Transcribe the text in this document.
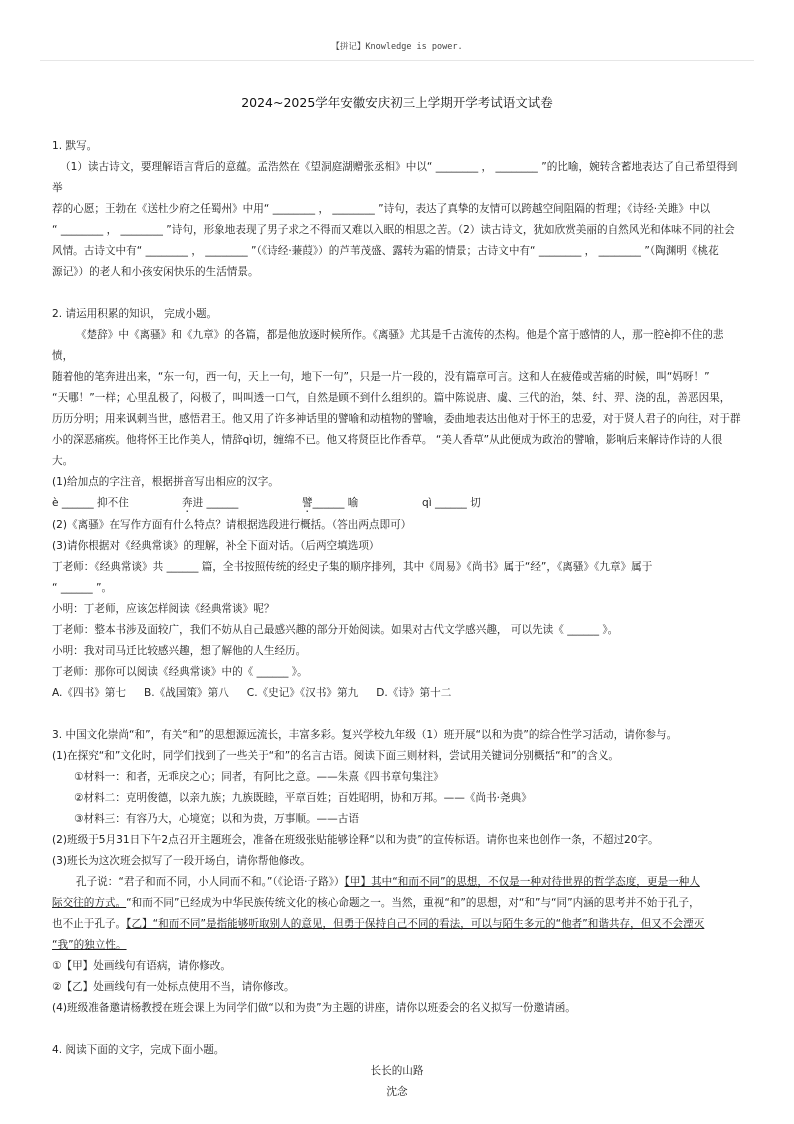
【拼记】Knowledge is power.
2024~2025学年安徽安庆初三上学期开学考试语文试卷

1. 默写。

（1）读古诗文，要理解语言背后的意蕴。孟浩然在《望洞庭湖赠张丞相》中以“ ________ ， ________ ”的比喻，婉转含蓄地表达了自己希望得到举

荐的心愿；王勃在《送杜少府之任蜀州》中用“ ________ ， ________ ”诗句，表达了真挚的友情可以跨越空间阻隔的哲理；《诗经·关雎》中以

“ ________ ， ________ ”诗句，形象地表现了男子求之不得而又难以入眠的相思之苦。（2）读古诗文，犹如欣赏美丽的自然风光和体味不同的社会

风情。古诗文中有“ ________ ， ________ ”（《诗经·蒹葭》）的芦苇茂盛、露转为霜的情景；古诗文中有“ ________ ， ________ ”（陶渊明《桃花

源记》）的老人和小孩安闲快乐的生活情景。

2. 请运用积累的知识， 完成小题。

《楚辞》中《离骚》和《九章》的各篇，都是他放逐时候所作。《离骚》尤其是千古流传的杰构。他是个富于感情的人，那一腔è抑不住的悲愤，

随着他的笔奔进出来，“东一句，西一句，天上一句，地下一句”，只是一片一段的，没有篇章可言。这和人在疲倦或苦痛的时候，叫“妈呀！”

“天哪！”一样；心里乱极了，闷极了，叫叫透一口气，自然是顾不到什么组织的。篇中陈说唐、虞、三代的治，桀、纣、羿、浇的乱，善恶因果，

历历分明；用来讽刺当世，感悟君王。他又用了许多神话里的譬喻和动植物的譬喻，委曲地表达出他对于怀王的忠爱，对于贤人君子的向往，对于群

小的深恶痛疾。他将怀王比作美人，情辞qì切，缠绵不已。他又将贤臣比作香草。 “美人香草”从此便成为政治的譬喻，影响后来解诗作诗的人很大。

(1)给加点的字注音，根据拼音写出相应的汉字。

è ______ 抑不住	奔进 ______	譬______ 喻	qì ______ 切

(2)《离骚》在写作方面有什么特点？请根据选段进行概括。（答出两点即可）

(3)请你根据对《经典常谈》的理解，补全下面对话。（后两空填选项）

丁老师：《经典常谈》共 ______ 篇，全书按照传统的经史子集的顺序排列，其中《周易》《尚书》属于“经”，《离骚》《九章》属于

“ ______ ”。

小明：丁老师，应该怎样阅读《经典常谈》呢？

丁老师：整本书涉及面较广，我们不妨从自己最感兴趣的部分开始阅读。如果对古代文学感兴趣， 可以先读《 ______ 》。

小明：我对司马迁比较感兴趣，想了解他的人生经历。

丁老师：那你可以阅读《经典常谈》中的《 ______ 》。

A.《四书》第七 B.《战国策》第八 C.《史记》《汉书》第九 D.《诗》第十二

3. 中国文化崇尚“和”，有关“和”的思想源远流长，丰富多彩。复兴学校九年级（1）班开展“以和为贵”的综合性学习活动，请你参与。

(1)在探究“和”文化时，同学们找到了一些关于“和”的名言古语。阅读下面三则材料，尝试用关键词分别概括“和”的含义。

①材料一：和者，无乖戾之心；同者，有阿比之意。——朱熹《四书章句集注》

②材料二：克明俊德，以亲九族；九族既睦，平章百姓；百姓昭明，协和万邦。——《尚书·尧典》

③材料三：有容乃大，心境宽；以和为贵，万事顺。——古语

(2)班级于5月31日下午2点召开主题班会，准备在班级张贴能够诠释“以和为贵”的宣传标语。请你也来也创作一条，不超过20字。

(3)班长为这次班会拟写了一段开场白，请你帮他修改。

孔子说：“君子和而不同，小人同而不和。”（《论语·子路》）【甲】其中“和而不同”的思想，不仅是一种对待世界的哲学态度，更是一种人

际交往的方式。“和而不同”已经成为中华民族传统文化的核心命题之一。当然，重视“和”的思想，对“和”与“同”内涵的思考并不始于孔子，

也不止于孔子。【乙】“和而不同”是指能够听取别人的意见，但勇于保持自己不同的看法，可以与陌生多元的“他者”和谐共存，但又不会湮灭

“我”的独立性。

①【甲】处画线句有语病，请你修改。

②【乙】处画线句有一处标点使用不当，请你修改。

(4)班级准备邀请杨教授在班会课上为同学们做“以和为贵”为主题的讲座，请你以班委会的名义拟写一份邀请函。

4. 阅读下面的文字，完成下面小题。

长长的山路

沈念
